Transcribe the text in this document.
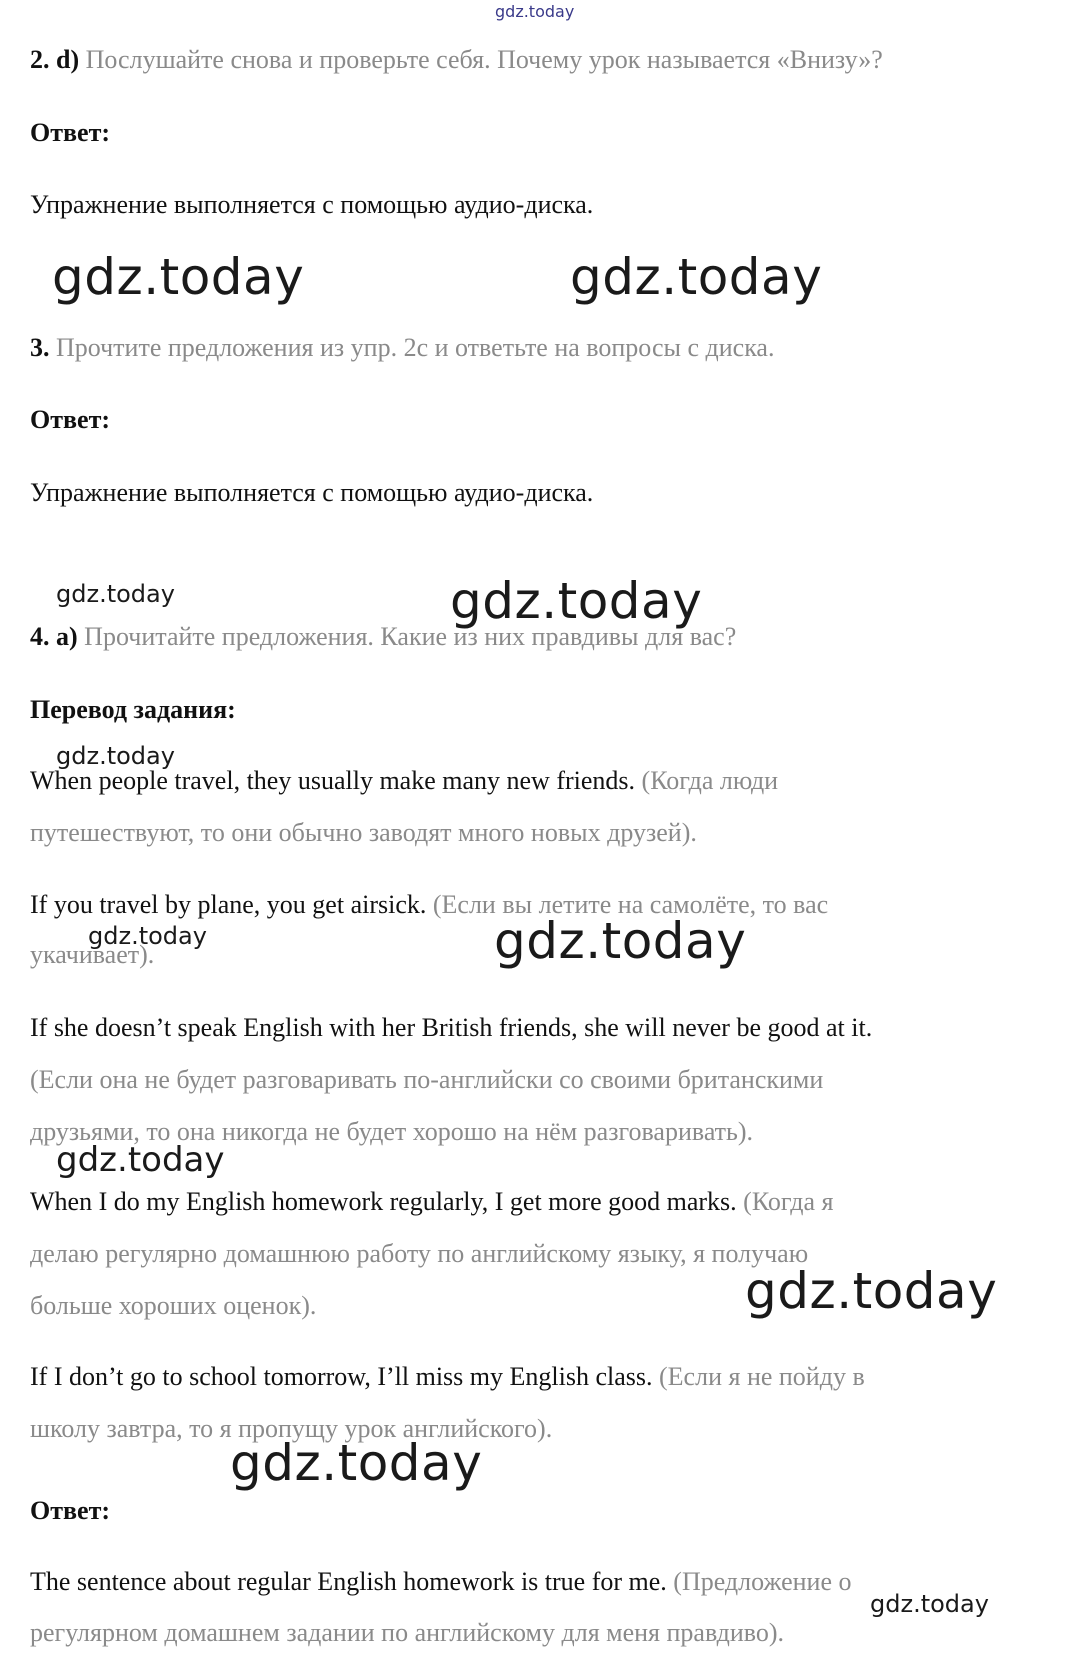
gdz.today
gdz.today	gdz.today
gdz.today	gdz.today
gdz.today
gdz.today	gdz.today
gdz.today
gdz.today
gdz.today
gdz.today
2. d) Послушайте снова и проверьте себя. Почему урок называется «Внизу»?
Ответ:
Упражнение выполняется с помощью аудио-диска.
3. Прочтите предложения из упр. 2c и ответьте на вопросы с диска.
Ответ:
Упражнение выполняется с помощью аудио-диска.
4. a) Прочитайте предложения. Какие из них правдивы для вас?
Перевод задания:
When people travel, they usually make many new friends. (Когда люди
путешествуют, то они обычно заводят много новых друзей).
If you travel by plane, you get airsick. (Если вы летите на самолёте, то вас
укачивает).
If she doesn’t speak English with her British friends, she will never be good at it.
(Если она не будет разговаривать по-английски со своими британскими
друзьями, то она никогда не будет хорошо на нём разговаривать).
When I do my English homework regularly, I get more good marks. (Когда я
делаю регулярно домашнюю работу по английскому языку, я получаю
больше хороших оценок).
If I don’t go to school tomorrow, I’ll miss my English class. (Если я не пойду в
школу завтра, то я пропущу урок английского).
Ответ:
The sentence about regular English homework is true for me. (Предложение о
регулярном домашнем задании по английскому для меня правдиво).
